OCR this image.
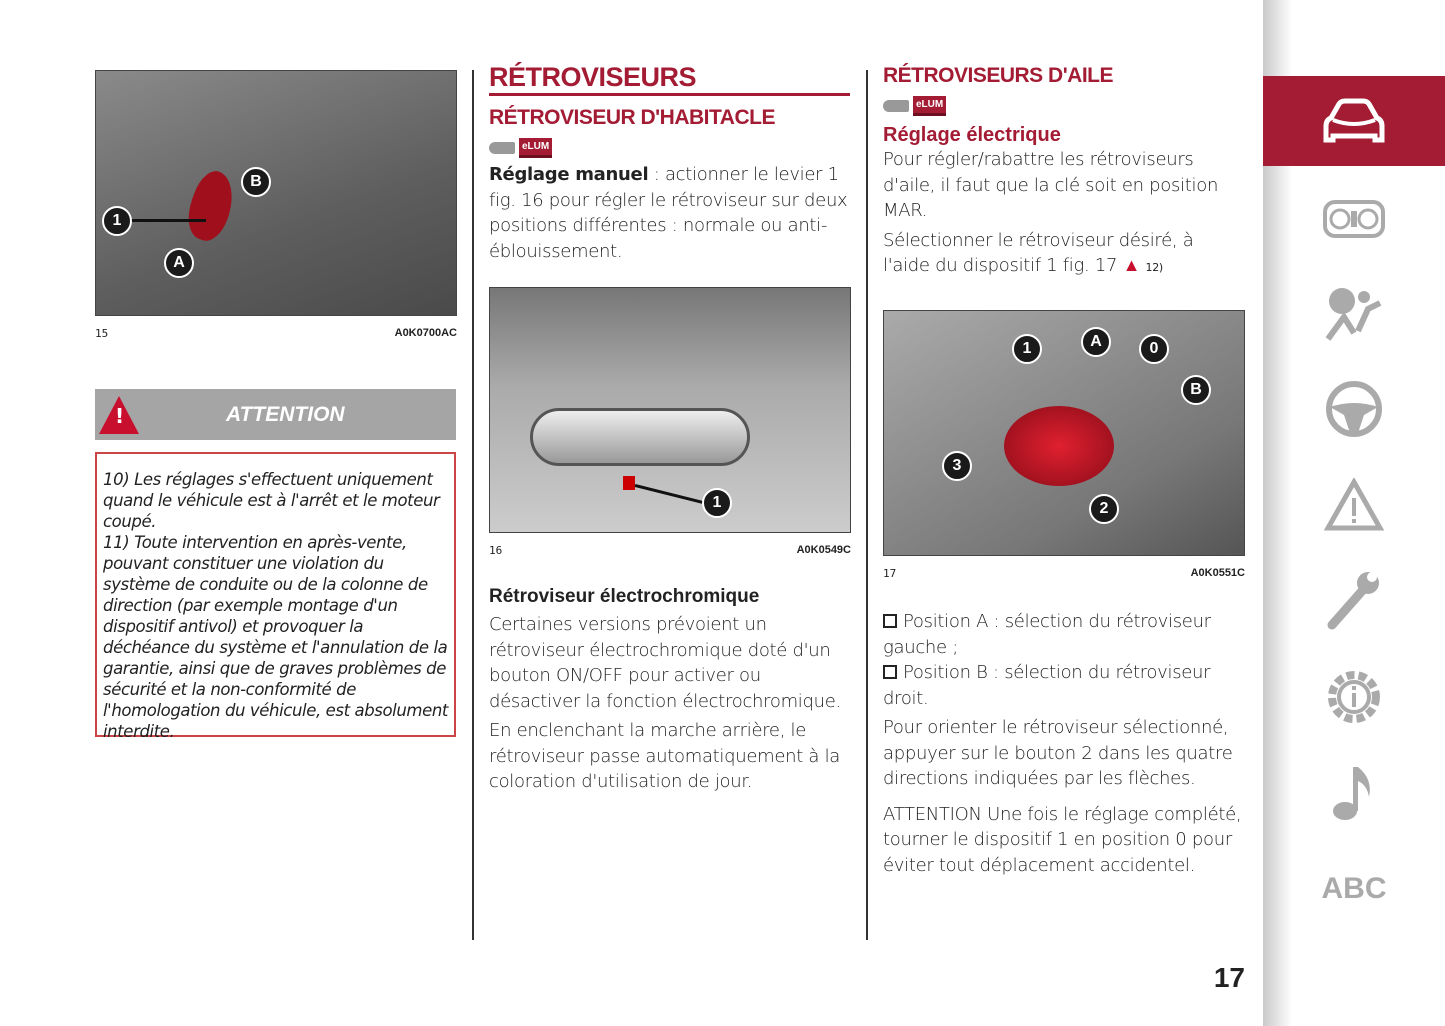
1
B
A
15	A0K0700AC
!	ATTENTION
10) Les réglages s'effectuent uniquement quand le véhicule est à l'arrêt et le moteur coupé.
11) Toute intervention en après-vente, pouvant constituer une violation du système de conduite ou de la colonne de direction (par exemple montage d'un dispositif antivol) et provoquer la déchéance du système et l'annulation de la garantie, ainsi que de graves problèmes de sécurité et la non-conformité de l'homologation du véhicule, est absolument interdite.
RÉTROVISEURS
RÉTROVISEUR D'HABITACLE
eLUM
Réglage manuel : actionner le levier 1 fig. 16 pour régler le rétroviseur sur deux positions différentes : normale ou anti-éblouissement.
1
16	A0K0549C
Rétroviseur électrochromique
Certaines versions prévoient un rétroviseur électrochromique doté d'un bouton ON/OFF pour activer ou désactiver la fonction électrochromique.
En enclenchant la marche arrière, le rétroviseur passe automatiquement à la coloration d'utilisation de jour.
RÉTROVISEURS D'AILE
eLUM
Réglage électrique
Pour régler/rabattre les rétroviseurs d'aile, il faut que la clé soit en position MAR.
Sélectionner le rétroviseur désiré, à l'aide du dispositif 1 fig. 17 ▲ 12)
1	A	0
B
3
2
17	A0K0551C
Position A : sélection du rétroviseur gauche ;
Position B : sélection du rétroviseur droit.
Pour orienter le rétroviseur sélectionné, appuyer sur le bouton 2 dans les quatre directions indiquées par les flèches.
ATTENTION Une fois le réglage complété, tourner le dispositif 1 en position 0 pour éviter tout déplacement accidentel.
17
ABC
